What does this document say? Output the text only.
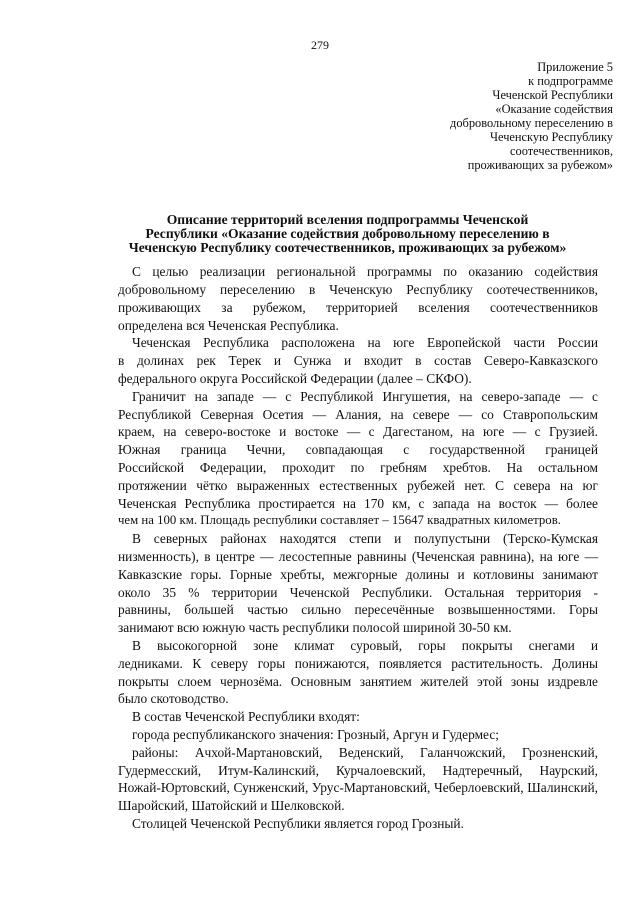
279
Приложение 5
к подпрограмме
Чеченской Республики
«Оказание содействия
добровольному переселению в
Чеченскую Республику
соотечественников,
проживающих за рубежом»
Описание территорий вселения подпрограммы Чеченской
Республики «Оказание содействия добровольному переселению в
Чеченскую Республику соотечественников, проживающих за рубежом»
С целью реализации региональной программы по оказанию содействия
добровольному переселению в Чеченскую Республику соотечественников,
проживающих за рубежом, территорией вселения соотечественников
определена вся Чеченская Республика.
Чеченская Республика расположена на юге Европейской части России
в долинах рек Терек и Сунжа и входит в состав Северо-Кавказского
федерального округа Российской Федерации (далее – СКФО).
Граничит на западе — с Республикой Ингушетия, на северо-западе — с
Республикой Северная Осетия — Алания, на севере — со Ставропольским
краем, на северо-востоке и востоке — с Дагестаном, на юге — с Грузией.
Южная граница Чечни, совпадающая с государственной границей
Российской Федерации, проходит по гребням хребтов. На остальном
протяжении чётко выраженных естественных рубежей нет. С севера на юг
Чеченская Республика простирается на 170 км, с запада на восток — более
чем на 100 км. Площадь республики составляет – 15647 квадратных километров.
В северных районах находятся степи и полупустыни (Терско-Кумская
низменность), в центре — лесостепные равнины (Чеченская равнина), на юге —
Кавказские горы. Горные хребты, межгорные долины и котловины занимают
около 35 % территории Чеченской Республики. Остальная территория -
равнины, большей частью сильно пересечённые возвышенностями. Горы
занимают всю южную часть республики полосой шириной 30-50 км.
В высокогорной зоне климат суровый, горы покрыты снегами и
ледниками. К северу горы понижаются, появляется растительность. Долины
покрыты слоем чернозёма. Основным занятием жителей этой зоны издревле
было скотоводство.
В состав Чеченской Республики входят:
города республиканского значения: Грозный, Аргун и Гудермес;
районы: Ачхой-Мартановский, Веденский, Галанчожский, Грозненский,
Гудермесский, Итум-Калинский, Курчалоевский, Надтеречный, Наурский,
Ножай-Юртовский, Сунженский, Урус-Мартановский, Чеберлоевский, Шалинский,
Шаройский, Шатойский и Шелковской.
Столицей Чеченской Республики является город Грозный.
